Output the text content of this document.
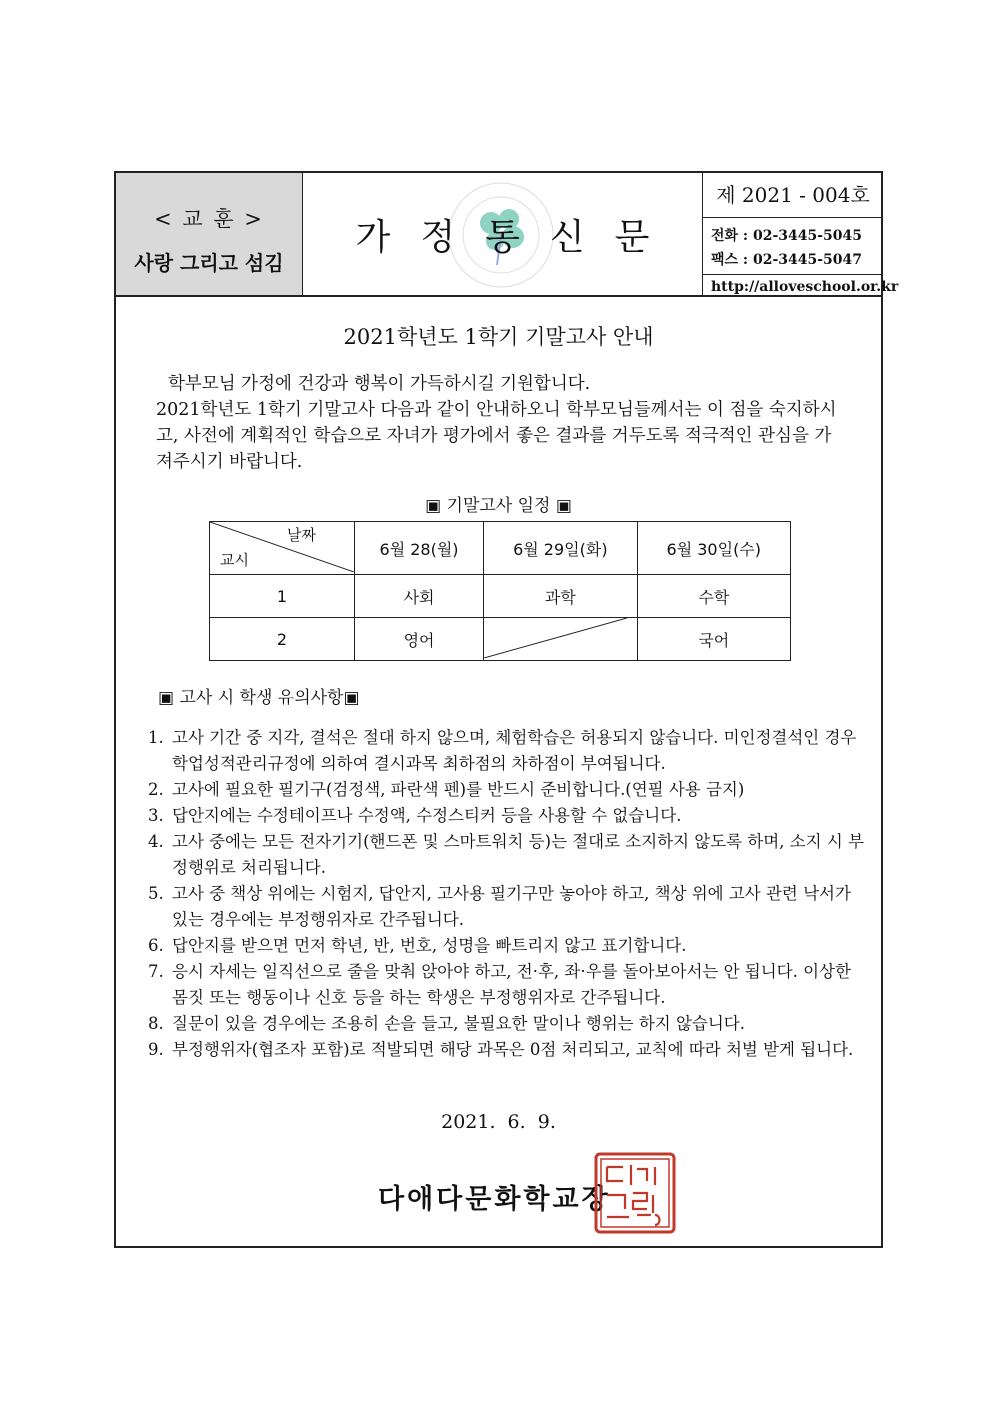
< 교 훈 >
사랑 그리고 섬김
가정통신문
제 2021 - 004호
전화 : 02-3445-5045
팩스 : 02-3445-5047
http://alloveschool.or.kr
2021학년도 1학기 기말고사 안내

학부모님 가정에 건강과 행복이 가득하시길 기원합니다.

2021학년도 1학기 기말고사 다음과 같이 안내하오니 학부모님들께서는 이 점을 숙지하시고, 사전에 계획적인 학습으로 자녀가 평가에서 좋은 결과를 거두도록 적극적인 관심을 가져주시기 바랍니다.

▣ 기말고사 일정 ▣
날짜
교시	6월 28(월)	6월 29일(화)	6월 30일(수)
1	사회	과학	수학
2	영어		국어
▣ 고사 시 학생 유의사항▣
1. 고사 기간 중 지각, 결석은 절대 하지 않으며, 체험학습은 허용되지 않습니다. 미인정결석인 경우 학업성적관리규정에 의하여 결시과목 최하점의 차하점이 부여됩니다.
2. 고사에 필요한 필기구(검정색, 파란색 펜)를 반드시 준비합니다.(연필 사용 금지)
3. 답안지에는 수정테이프나 수정액, 수정스티커 등을 사용할 수 없습니다.
4. 고사 중에는 모든 전자기기(핸드폰 및 스마트워치 등)는 절대로 소지하지 않도록 하며, 소지 시 부정행위로 처리됩니다.
5. 고사 중 책상 위에는 시험지, 답안지, 고사용 필기구만 놓아야 하고, 책상 위에 고사 관련 낙서가 있는 경우에는 부정행위자로 간주됩니다.
6. 답안지를 받으면 먼저 학년, 반, 번호, 성명을 빠트리지 않고 표기합니다.
7. 응시 자세는 일직선으로 줄을 맞춰 앉아야 하고, 전·후, 좌·우를 돌아보아서는 안 됩니다. 이상한 몸짓 또는 행동이나 신호 등을 하는 학생은 부정행위자로 간주됩니다.
8. 질문이 있을 경우에는 조용히 손을 들고, 불필요한 말이나 행위는 하지 않습니다.
9. 부정행위자(협조자 포함)로 적발되면 해당 과목은 0점 처리되고, 교칙에 따라 처벌 받게 됩니다.
2021. 6. 9.
다애다문화학교장
